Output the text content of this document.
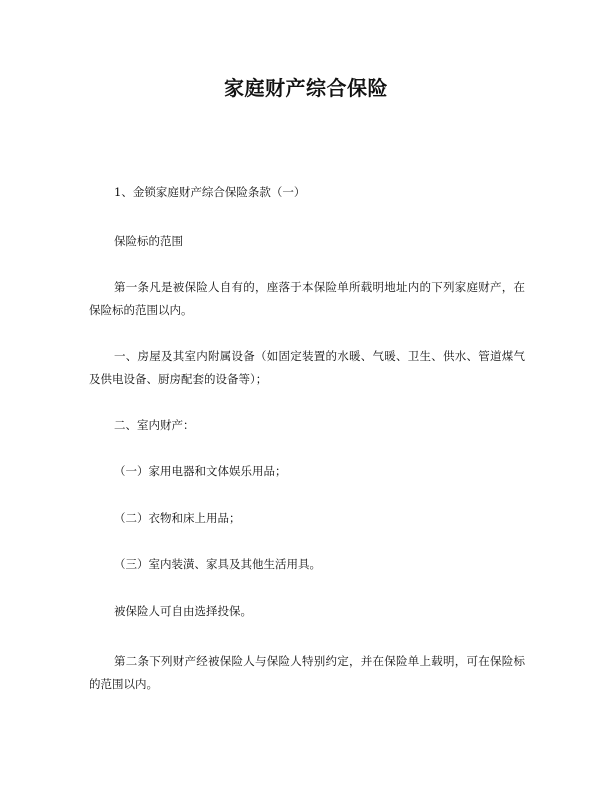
家庭财产综合保险
1、金锁家庭财产综合保险条款（一）
保险标的范围
第一条凡是被保险人自有的，座落于本保险单所载明地址内的下列家庭财产，在保险标的范围以内。
一、房屋及其室内附属设备（如固定装置的水暖、气暖、卫生、供水、管道煤气及供电设备、厨房配套的设备等）；
二、室内财产：
（一）家用电器和文体娱乐用品；
（二）衣物和床上用品；
（三）室内装潢、家具及其他生活用具。
被保险人可自由选择投保。
第二条下列财产经被保险人与保险人特别约定，并在保险单上载明，可在保险标的范围以内。
